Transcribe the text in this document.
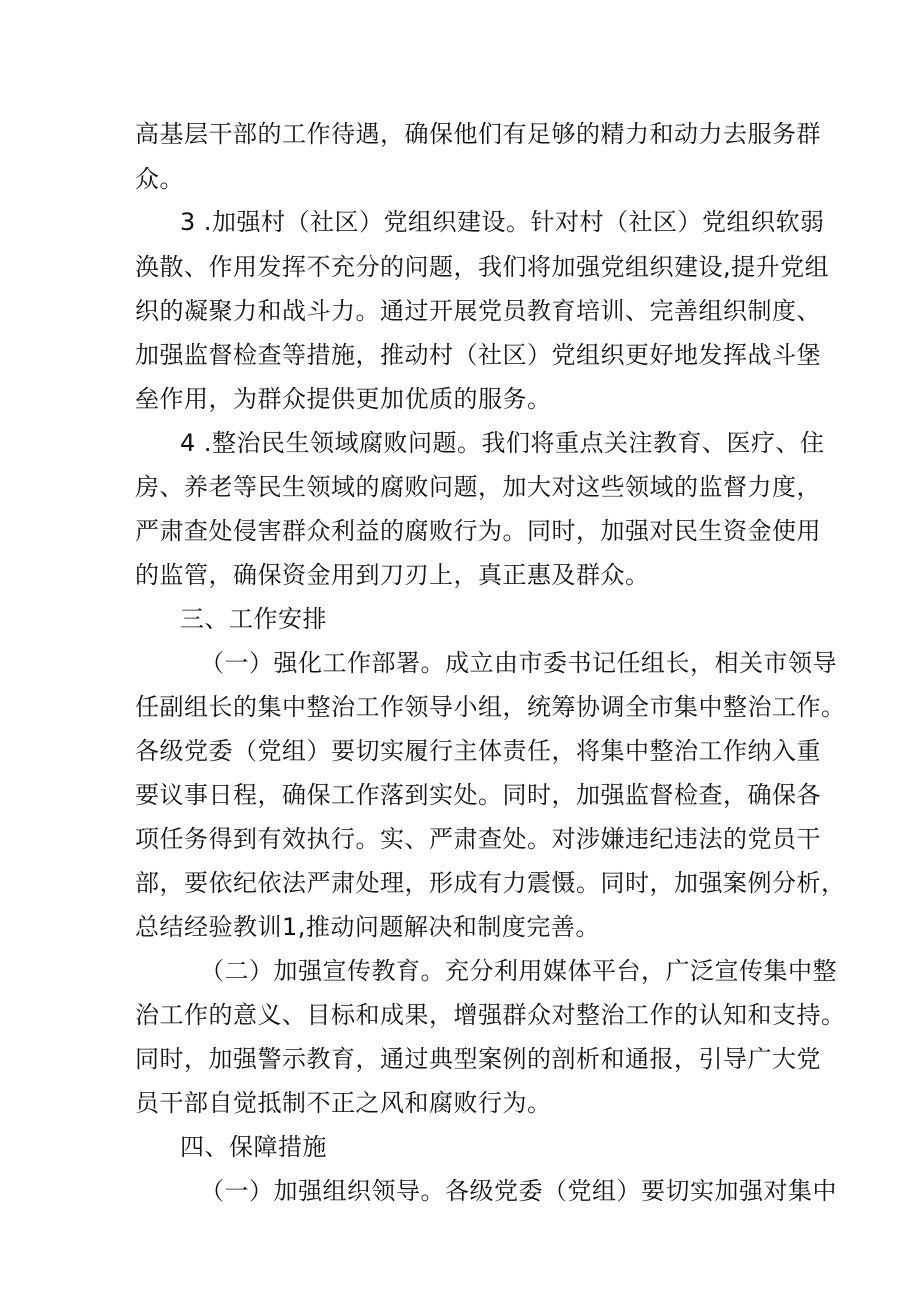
高基层干部的工作待遇，确保他们有足够的精力和动力去服务群
众。
3 .加强村（社区）党组织建设。针对村（社区）党组织软弱
涣散、作用发挥不充分的问题，我们将加强党组织建设,提升党组
织的凝聚力和战斗力。通过开展党员教育培训、完善组织制度、
加强监督检查等措施，推动村（社区）党组织更好地发挥战斗堡
垒作用，为群众提供更加优质的服务。
4 .整治民生领域腐败问题。我们将重点关注教育、医疗、住
房、养老等民生领域的腐败问题，加大对这些领域的监督力度，
严肃查处侵害群众利益的腐败行为。同时，加强对民生资金使用
的监管，确保资金用到刀刃上，真正惠及群众。
三、工作安排
（一）强化工作部署。成立由市委书记任组长，相关市领导
任副组长的集中整治工作领导小组，统筹协调全市集中整治工作。
各级党委（党组）要切实履行主体责任，将集中整治工作纳入重
要议事日程，确保工作落到实处。同时，加强监督检查，确保各
项任务得到有效执行。实、严肃查处。对涉嫌违纪违法的党员干
部，要依纪依法严肃处理，形成有力震慑。同时，加强案例分析，
总结经验教训1,推动问题解决和制度完善。
（二）加强宣传教育。充分利用媒体平台，广泛宣传集中整
治工作的意义、目标和成果，增强群众对整治工作的认知和支持。
同时，加强警示教育，通过典型案例的剖析和通报，引导广大党
员干部自觉抵制不正之风和腐败行为。
四、保障措施
（一）加强组织领导。各级党委（党组）要切实加强对集中
